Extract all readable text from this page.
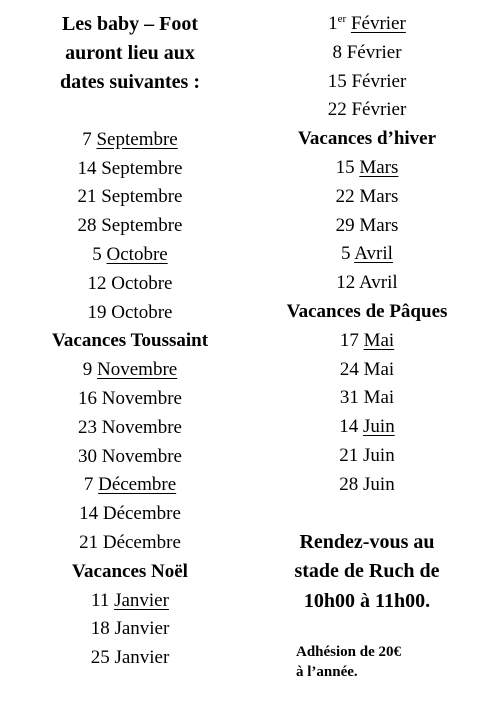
Les baby – Foot
auront lieu aux
dates suivantes :
7 Septembre
14 Septembre
21 Septembre
28 Septembre
5 Octobre
12 Octobre
19 Octobre
Vacances Toussaint
9 Novembre
16 Novembre
23 Novembre
30 Novembre
7 Décembre
14 Décembre
21 Décembre
Vacances Noël
11 Janvier
18 Janvier
25 Janvier
1er Février
8 Février
15 Février
22 Février
Vacances d’hiver
15 Mars
22 Mars
29 Mars
5 Avril
12 Avril
Vacances de Pâques
17 Mai
24 Mai
31 Mai
14 Juin
21 Juin
28 Juin
Rendez-vous au
stade de Ruch de
10h00 à 11h00.
Adhésion de 20€
à l’année.
